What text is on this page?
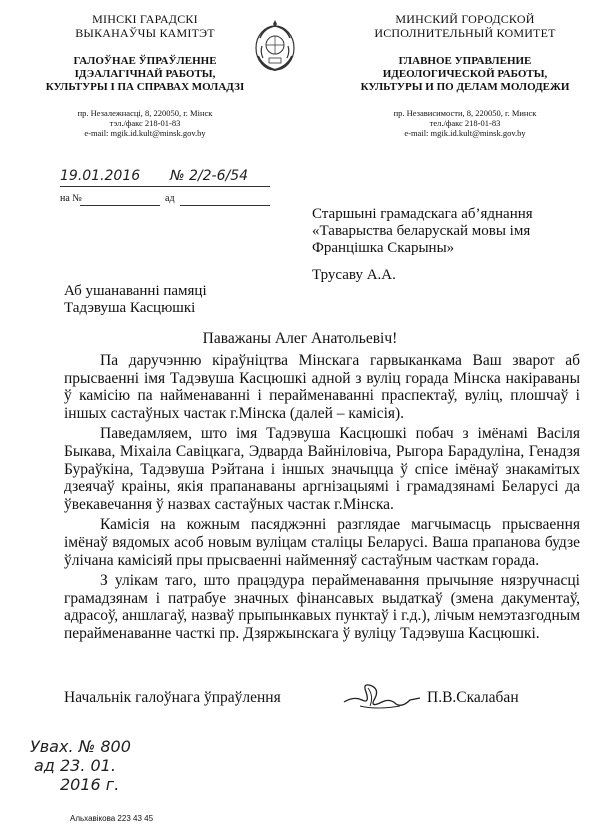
МІНСКІ ГАРАДСКІ
ВЫКАНАЎЧЫ КАМІТЭТ
ГАЛОЎНАЕ ЎПРАЎЛЕННЕ
ІДЭАЛАГІЧНАЙ РАБОТЫ,
КУЛЬТУРЫ І ПА СПРАВАХ МОЛАДЗІ
пр. Незалежнасці, 8, 220050, г. Мінск
тэл./факс 218-01-83
e-mail: mgik.id.kult@minsk.gov.by
МИНСКИЙ ГОРОДСКОЙ
ИСПОЛНИТЕЛЬНЫЙ КОМИТЕТ
ГЛАВНОЕ УПРАВЛЕНИЕ
ИДЕОЛОГИЧЕСКОЙ РАБОТЫ,
КУЛЬТУРЫ И ПО ДЕЛАМ МОЛОДЕЖИ
пр. Независимости, 8, 220050, г. Минск
тел./факс 218-01-83
e-mail: mgik.id.kult@minsk.gov.by
19.01.2016 № 2/2-6/54
на №	ад
Старшыні грамадскага аб’яднання
«Таварыства беларускай мовы імя
Францішка Скарыны»
Трусаву А.А.
Аб ушанаванні памяці
Тадэвуша Касцюшкі
Паважаны Алег Анатольевіч!

Па даручэнню кіраўніцтва Мінскага гарвыканкама Ваш зварот аб прысваенні імя Тадэвуша Касцюшкі адной з вуліц горада Мінска накіраваны ў камісію па найменаванні і перайменаванні праспектаў, вуліц, плошчаў і іншых састаўных частак г.Мінска (далей – камісія).

Паведамляем, што імя Тадэвуша Касцюшкі побач з імёнамі Васіля Быкава, Міхаіла Савіцкага, Эдварда Вайніловіча, Рыгора Барадуліна, Генадзя Бураўкіна, Тадэвуша Рэйтана і іншых значыцца ў спісе імёнаў знакамітых дзеячаў краіны, якія прапанаваны аргнізацыямі і грамадзянамі Беларусі да ўвекавечання ў назвах састаўных частак г.Мінска.

Камісія на кожным пасяджэнні разглядае магчымасць прысваення імёнаў вядомых асоб новым вуліцам сталіцы Беларусі. Ваша прапанова будзе ўлічана камісіяй пры прысваенні найменняў састаўным часткам горада.

З улікам таго, што працэдура перайменавання прычыняе нязручнасці грамадзянам і патрабуе значных фінансавых выдаткаў (змена дакументаў, адрасоў, аншлагаў, назваў прыпынкавых пунктаў і г.д.), лічым немэтазгодным перайменаванне часткі пр. Дзяржынскага ў вуліцу Тадэвуша Касцюшкі.

Начальнік галоўнага ўпраўлення	П.В.Скалабан
Увах. № 800
ад 23. 01.
2016 г.
Альхавікова 223 43 45
